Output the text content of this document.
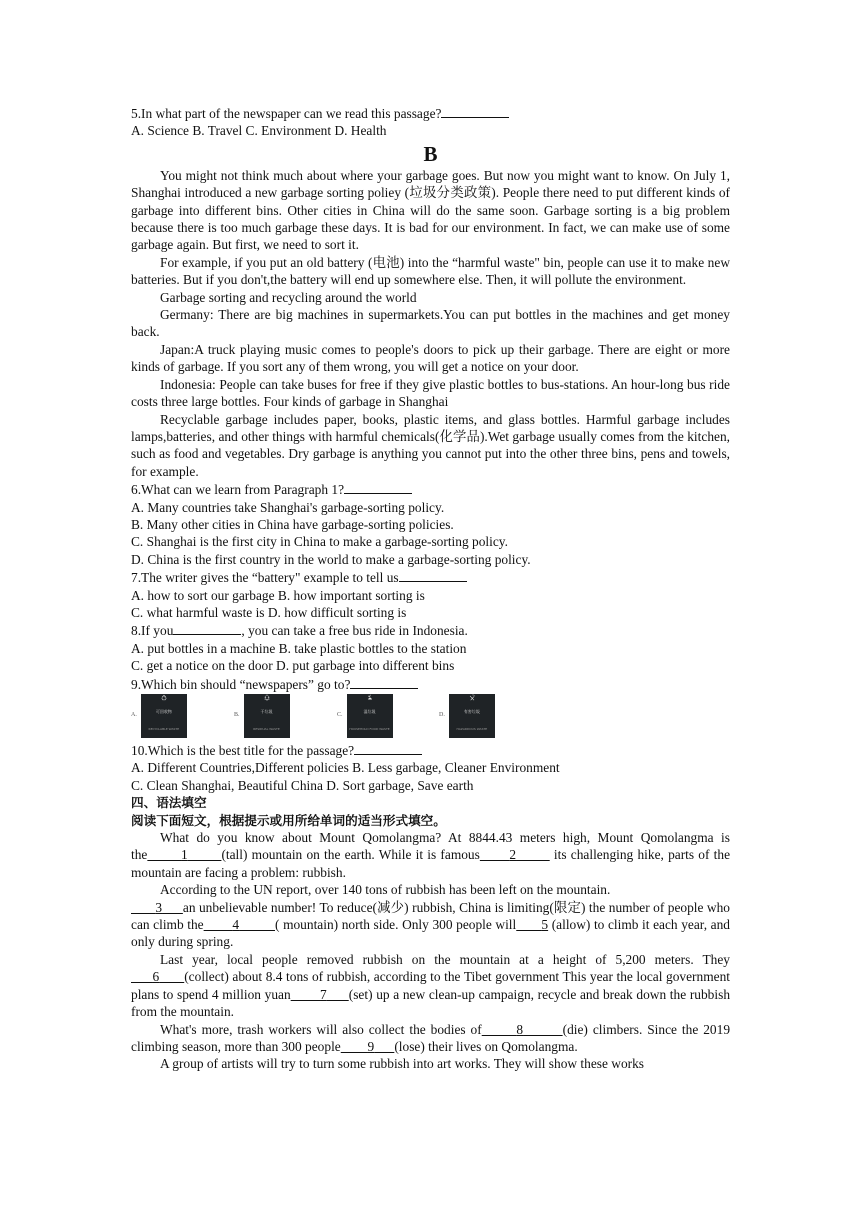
5.In what part of the newspaper can we read this passage?
A. Science B. Travel C. Environment D. Health
B
You might not think much about where your garbage goes. But now you might want to know. On July 1, Shanghai introduced a new garbage sorting poliey (垃圾分类政策). People there need to put different kinds of garbage into different bins. Other cities in China will do the same soon. Garbage sorting is a big problem because there is too much garbage these days. It is bad for our environment. In fact, we can make use of some garbage again. But first, we need to sort it.
For example, if you put an old battery (电池) into the “harmful waste" bin, people can use it to make new batteries. But if you don't,the battery will end up somewhere else. Then, it will pollute the environment.
Garbage sorting and recycling around the world
Germany: There are big machines in supermarkets.You can put bottles in the machines and get money back.
Japan:A truck playing music comes to people's doors to pick up their garbage. There are eight or more kinds of garbage. If you sort any of them wrong, you will get a notice on your door.
Indonesia: People can take buses for free if they give plastic bottles to bus-stations. An hour-long bus ride costs three large bottles. Four kinds of garbage in Shanghai
Recyclable garbage includes paper, books, plastic items, and glass bottles. Harmful garbage includes lamps,batteries, and other things with harmful chemicals(化学品).Wet garbage usually comes from the kitchen, such as food and vegetables. Dry garbage is anything you cannot put into the other three bins, pens and towels, for example.
6.What can we learn from Paragraph 1?
A. Many countries take Shanghai's garbage-sorting policy.
B. Many other cities in China have garbage-sorting policies.
C. Shanghai is the first city in China to make a garbage-sorting policy.
D. China is the first country in the world to make a garbage-sorting policy.
7.The writer gives the “battery" example to tell us
A. how to sort our garbage B. how important sorting is
C. what harmful waste is D. how difficult sorting is
8.If you	, you can take a free bus ride in Indonesia.
A. put bottles in a machine B. take plastic bottles to the station
C. get a notice on the door D. put garbage into different bins
9.Which bin should “newspapers” go to?
A.
可回收物
RECYCLABLE WASTE
B.
干垃圾
RESIDUAL WASTE
C.
湿垃圾
HOUSEHOLD FOOD WASTE
D.
有害垃圾
HAZARDOUS WASTE
10.Which is the best title for the passage?
A. Different Countries,Different policies B. Less garbage, Cleaner Environment
C. Clean Shanghai, Beautiful China D. Sort garbage, Save earth
四、语法填空
阅读下面短文，根据提示或用所给单词的适当形式填空。
What do you know about Mount Qomolangma? At 8844.43 meters high, Mount Qomolangma is the	1	(tall) mountain on the earth. While it is famous 2	its challenging hike, parts of the mountain are facing a problem: rubbish.
According to the UN report, over 140 tons of rubbish has been left on the mountain.
3 an unbelievable number! To reduce(减少) rubbish, China is limiting(限定) the number of people who can climb the 4	( mountain) north side. Only 300 people will 5 (allow) to climb it each year, and only during spring.
Last year, local people removed rubbish on the mountain at a height of 5,200 meters. They       6 (collect) about 8.4 tons of rubbish, according to the Tibet government This year the local government plans to spend 4 million yuan 7 (set) up a new clean-up campaign, recycle and break down the rubbish from the mountain.
What's more, trash workers will also collect the bodies of	8	(die) climbers. Since the 2019 climbing season, more than 300 people 9 (lose) their lives on Qomolangma.
A group of artists will try to turn some rubbish into art works. They will show these works
